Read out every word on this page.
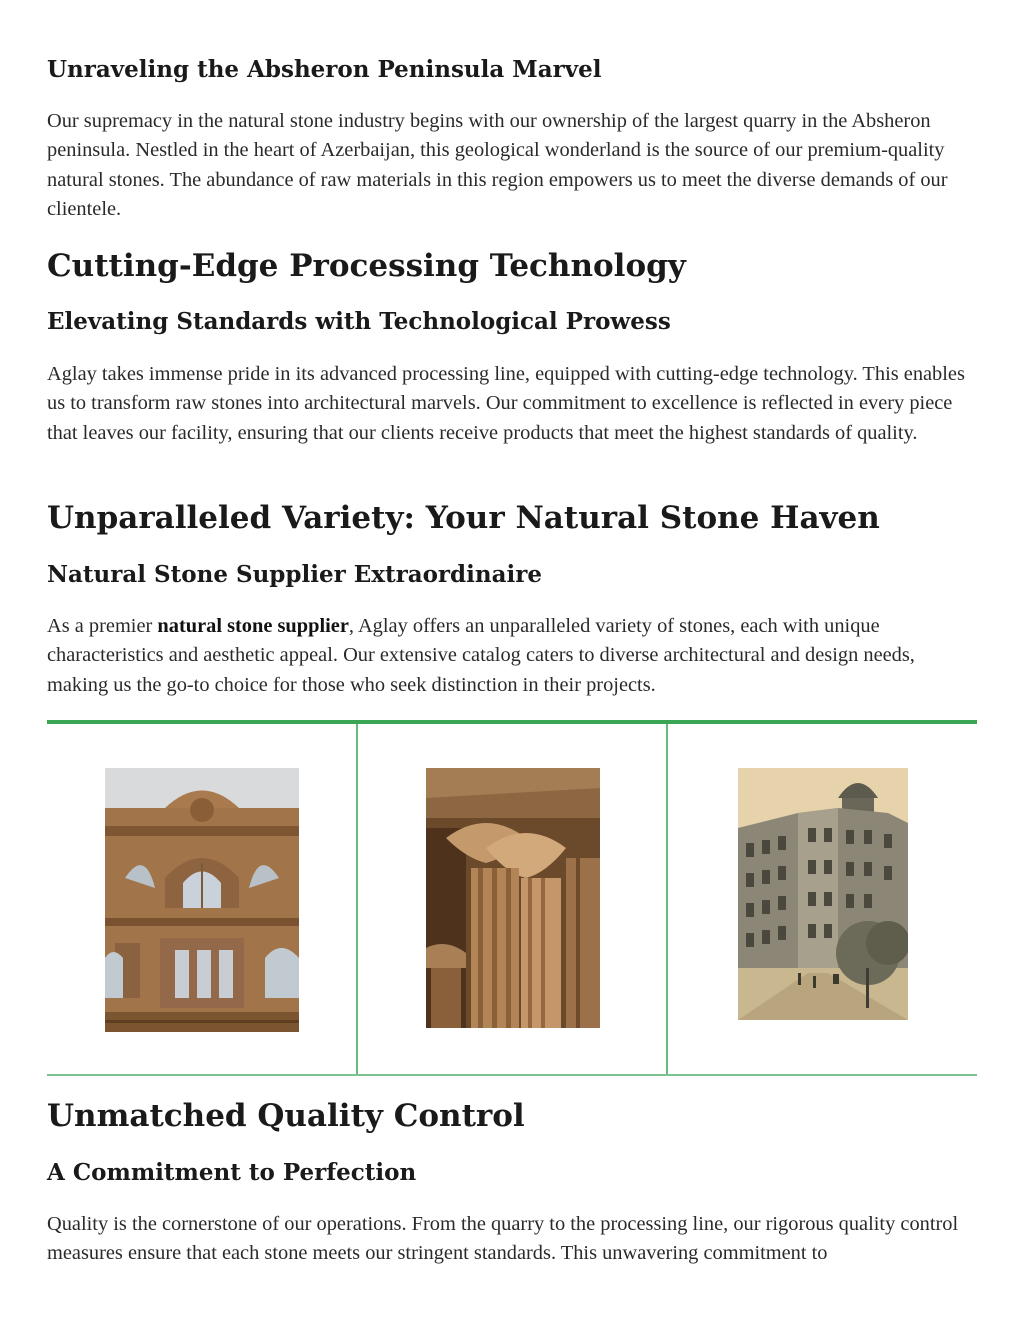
Unraveling the Absheron Peninsula Marvel

Our supremacy in the natural stone industry begins with our ownership of the largest quarry in the Absheron peninsula. Nestled in the heart of Azerbaijan, this geological wonderland is the source of our premium-quality natural stones. The abundance of raw materials in this region empowers us to meet the diverse demands of our clientele.

Cutting-Edge Processing Technology
Elevating Standards with Technological Prowess

Aglay takes immense pride in its advanced processing line, equipped with cutting-edge technology. This enables us to transform raw stones into architectural marvels. Our commitment to excellence is reflected in every piece that leaves our facility, ensuring that our clients receive products that meet the highest standards of quality.

Unparalleled Variety: Your Natural Stone Haven
Natural Stone Supplier Extraordinaire

As a premier natural stone supplier, Aglay offers an unparalleled variety of stones, each with unique characteristics and aesthetic appeal. Our extensive catalog caters to diverse architectural and design needs, making us the go-to choice for those who seek distinction in their projects.

Unmatched Quality Control
A Commitment to Perfection

Quality is the cornerstone of our operations. From the quarry to the processing line, our rigorous quality control measures ensure that each stone meets our stringent standards. This unwavering commitment to
